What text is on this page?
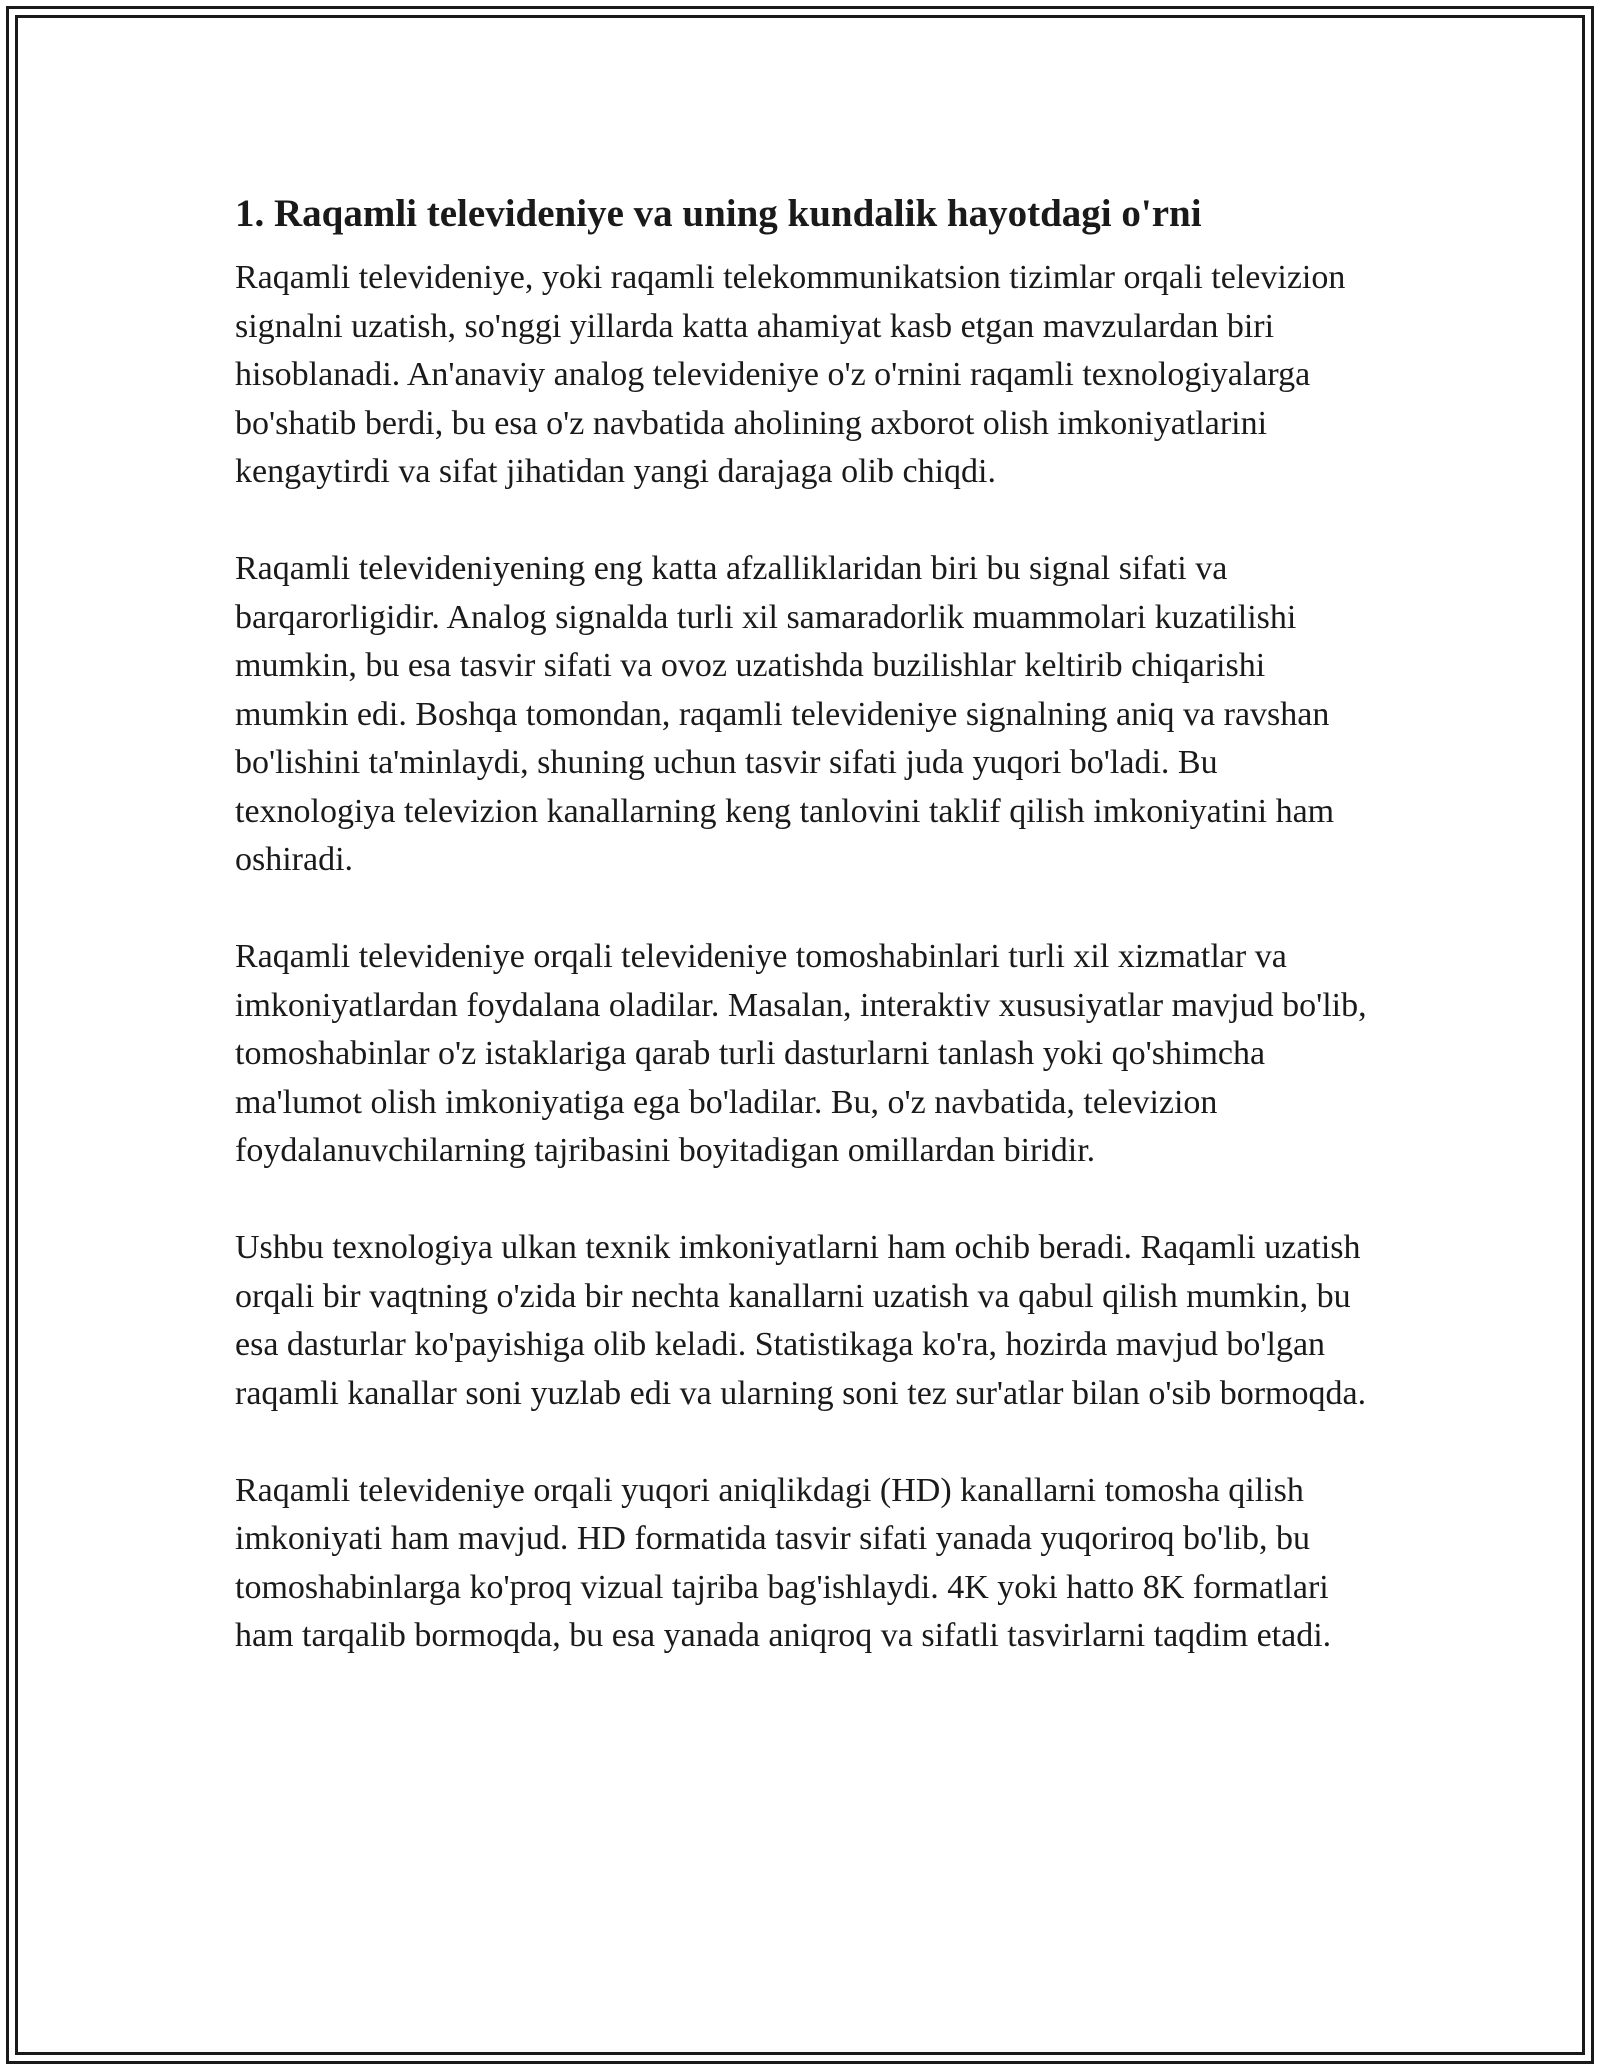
1. Raqamli televideniye va uning kundalik hayotdagi o'rni

Raqamli televideniye, yoki raqamli telekommunikatsion tizimlar orqali televizion signalni uzatish, so'nggi yillarda katta ahamiyat kasb etgan mavzulardan biri hisoblanadi. An'anaviy analog televideniye o'z o'rnini raqamli texnologiyalarga bo'shatib berdi, bu esa o'z navbatida aholining axborot olish imkoniyatlarini kengaytirdi va sifat jihatidan yangi darajaga olib chiqdi.

Raqamli televideniyening eng katta afzalliklaridan biri bu signal sifati va barqarorligidir. Analog signalda turli xil samaradorlik muammolari kuzatilishi mumkin, bu esa tasvir sifati va ovoz uzatishda buzilishlar keltirib chiqarishi mumkin edi. Boshqa tomondan, raqamli televideniye signalning aniq va ravshan bo'lishini ta'minlaydi, shuning uchun tasvir sifati juda yuqori bo'ladi. Bu texnologiya televizion kanallarning keng tanlovini taklif qilish imkoniyatini ham oshiradi.

Raqamli televideniye orqali televideniye tomoshabinlari turli xil xizmatlar va imkoniyatlardan foydalana oladilar. Masalan, interaktiv xususiyatlar mavjud bo'lib, tomoshabinlar o'z istaklariga qarab turli dasturlarni tanlash yoki qo'shimcha ma'lumot olish imkoniyatiga ega bo'ladilar. Bu, o'z navbatida, televizion foydalanuvchilarning tajribasini boyitadigan omillardan biridir.

Ushbu texnologiya ulkan texnik imkoniyatlarni ham ochib beradi. Raqamli uzatish orqali bir vaqtning o'zida bir nechta kanallarni uzatish va qabul qilish mumkin, bu esa dasturlar ko'payishiga olib keladi. Statistikaga ko'ra, hozirda mavjud bo'lgan raqamli kanallar soni yuzlab edi va ularning soni tez sur'atlar bilan o'sib bormoqda.

Raqamli televideniye orqali yuqori aniqlikdagi (HD) kanallarni tomosha qilish imkoniyati ham mavjud. HD formatida tasvir sifati yanada yuqoriroq bo'lib, bu tomoshabinlarga ko'proq vizual tajriba bag'ishlaydi. 4K yoki hatto 8K formatlari ham tarqalib bormoqda, bu esa yanada aniqroq va sifatli tasvirlarni taqdim etadi.
